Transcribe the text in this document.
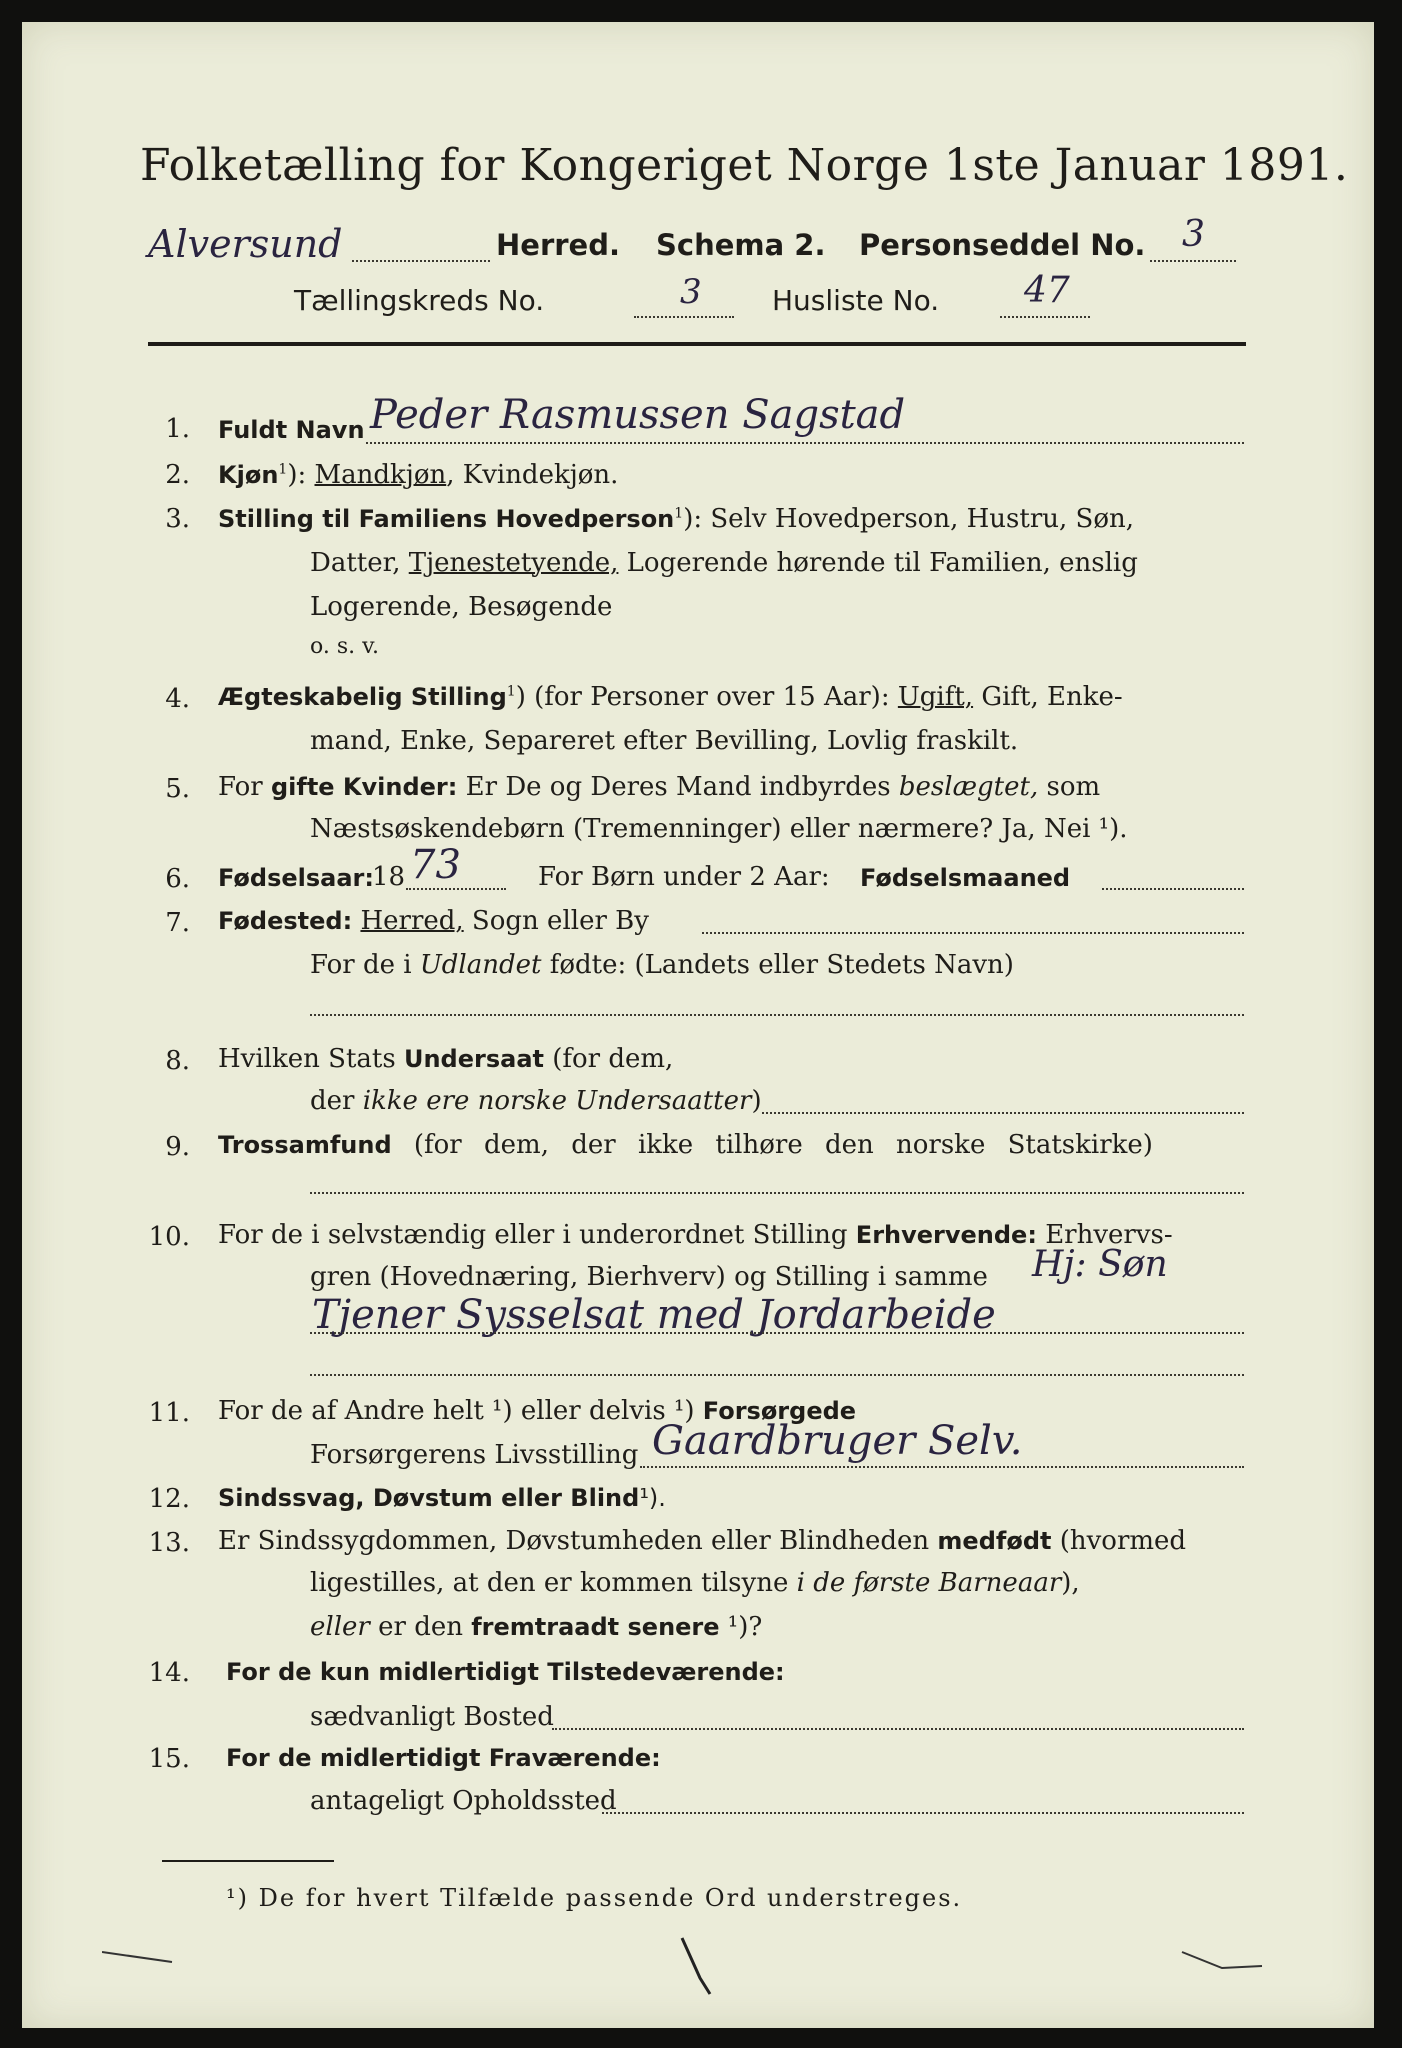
Folketælling for Kongeriget Norge 1ste Januar 1891.
Alversund	Herred. Schema 2. Personseddel No. 3
Tællingskreds No.	3	Husliste No. 47
1. Fuldt Navn Peder Rasmussen Sagstad
2. Kjøn$^1$): Mandkjøn, Kvindekjøn.
3. Stilling til Familiens Hovedperson$^1$): Selv Hovedperson, Hustru, Søn,
Datter, Tjenestetyende, Logerende hørende til Familien, enslig
Logerende, Besøgende
o. s. v.
4. Ægteskabelig Stilling$^1$) (for Personer over 15 Aar): Ugift, Gift, Enke-
mand, Enke, Separeret efter Bevilling, Lovlig fraskilt.
5. For gifte Kvinder: Er De og Deres Mand indbyrdes beslægtet, som
Næstsøskendebørn (Tremenninger) eller nærmere? Ja, Nei ¹).
6. Fødselsaar:
18 73	For Børn under 2 Aar: Fødselsmaaned
7. Fødested: Herred, Sogn eller By
For de i Udlandet fødte: (Landets eller Stedets Navn)
8. Hvilken Stats Undersaat (for dem,
der ikke ere norske Undersaatter)
9. Trossamfund (for dem, der ikke tilhøre den norske Statskirke)
10. For de i selvstændig eller i underordnet Stilling Erhvervende: Erhvervs-
gren (Hovednæring, Bierhverv) og Stilling i samme Hj: Søn
Tjener Sysselsat med Jordarbeide
11. For de af Andre helt ¹) eller delvis ¹) Forsørgede
Forsørgerens Livsstilling Gaardbruger Selv.
12. Sindssvag, Døvstum eller Blind¹).
13. Er Sindssygdommen, Døvstumheden eller Blindheden medfødt (hvormed
ligestilles, at den er kommen tilsyne i de første Barneaar),
eller er den fremtraadt senere ¹)?
14. For de kun midlertidigt Tilstedeværende:
sædvanligt Bosted
15. For de midlertidigt Fraværende:
antageligt Opholdssted
¹) De for hvert Tilfælde passende Ord understreges.
